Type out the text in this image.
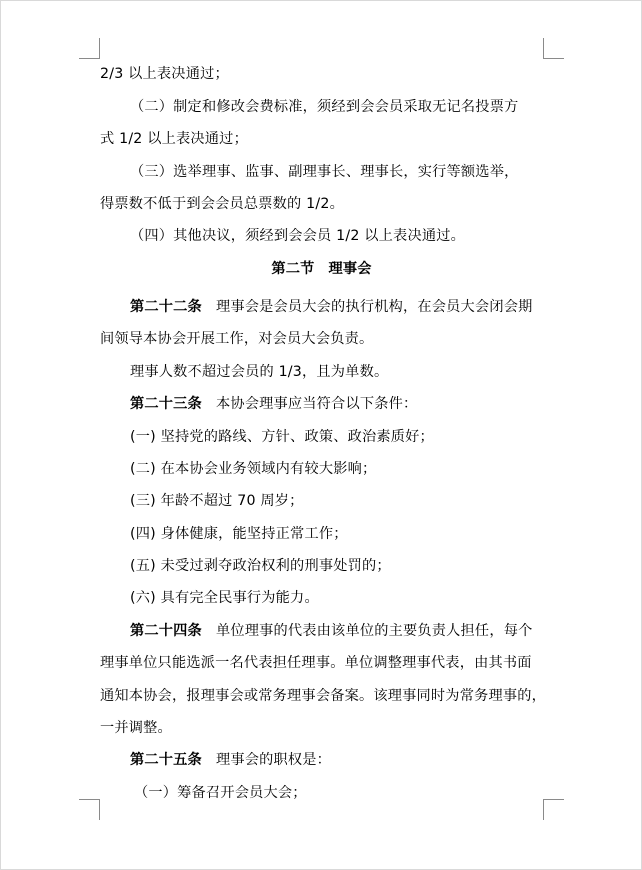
2/3 以上表决通过；
（二）制定和修改会费标准，须经到会会员采取无记名投票方
式 1/2 以上表决通过；
（三）选举理事、监事、副理事长、理事长，实行等额选举，
得票数不低于到会会员总票数的 1/2。
（四）其他决议，须经到会会员 1/2 以上表决通过。
第二节 理事会
第二十二条 理事会是会员大会的执行机构，在会员大会闭会期
间领导本协会开展工作，对会员大会负责。
理事人数不超过会员的 1/3，且为单数。
第二十三条 本协会理事应当符合以下条件：
(一) 坚持党的路线、方针、政策、政治素质好；
(二) 在本协会业务领域内有较大影响；
(三) 年龄不超过 70 周岁；
(四) 身体健康，能坚持正常工作；
(五) 未受过剥夺政治权利的刑事处罚的；
(六) 具有完全民事行为能力。
第二十四条 单位理事的代表由该单位的主要负责人担任，每个
理事单位只能选派一名代表担任理事。单位调整理事代表，由其书面
通知本协会，报理事会或常务理事会备案。该理事同时为常务理事的，
一并调整。
第二十五条 理事会的职权是：
（一）筹备召开会员大会；
